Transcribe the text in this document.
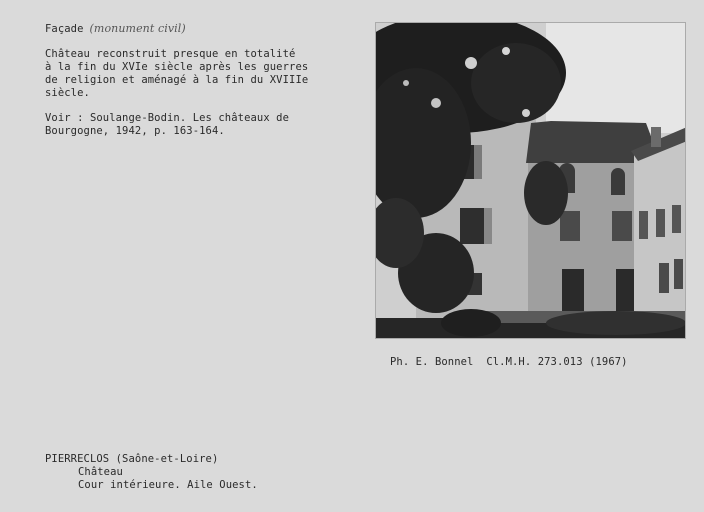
Façade (monument civil)
Château reconstruit presque en totalité
à la fin du XVIe siècle après les guerres
de religion et aménagé à la fin du XVIIIe
siècle.
Voir : Soulange-Bodin. Les châteaux de
Bourgogne, 1942, p. 163-164.
Ph. E. Bonnel  Cl.M.H. 273.013 (1967)
PIERRECLOS (Saône-et-Loire)
Château
Cour intérieure. Aile Ouest.
